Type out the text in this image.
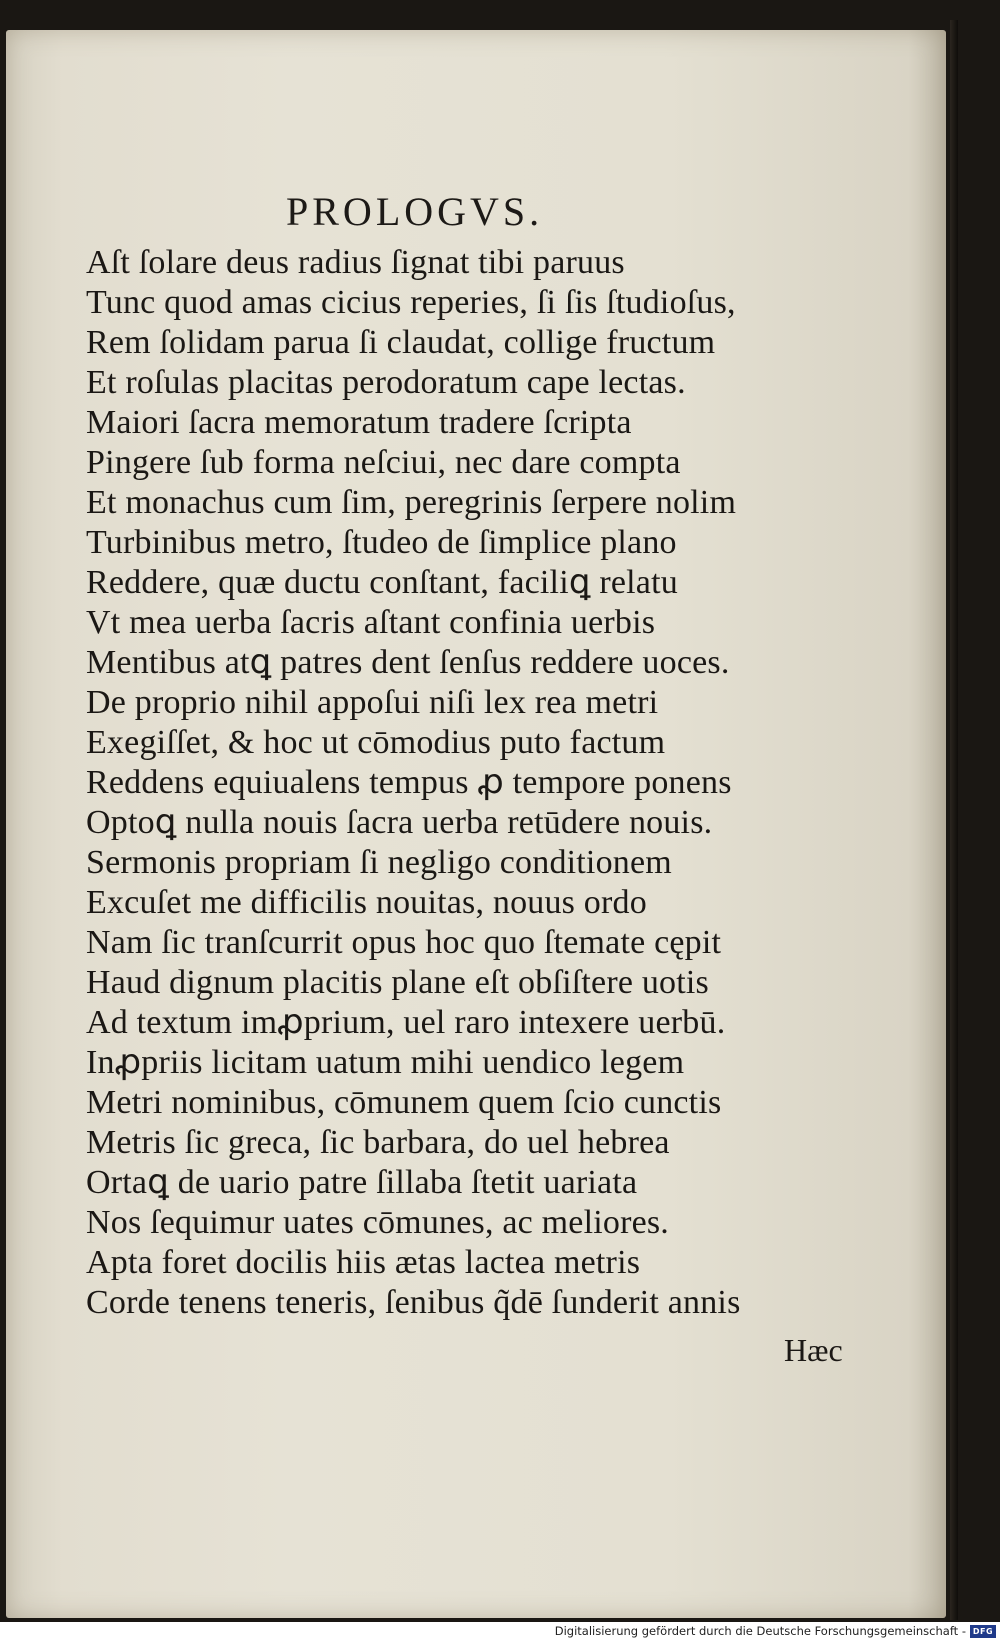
PROLOGVS.
Aſt ſolare deus radius ſignat tibi paruus
Tunc quod amas cicius reperies, ſi ſis ſtudioſus,
Rem ſolidam parua ſi claudat, collige fructum
Et roſulas placitas perodoratum cape lectas.
Maiori ſacra memoratum tradere ſcripta
Pingere ſub forma neſciui, nec dare compta
Et monachus cum ſim, peregrinis ſerpere nolim
Turbinibus metro, ſtudeo de ſimplice plano
Reddere, quæ ductu conſtant, faciliꝗ relatu
Vt mea uerba ſacris aſtant confinia uerbis
Mentibus atꝗ patres dent ſenſus reddere uoces.
De proprio nihil appoſui niſi lex rea metri
Exegiſſet, & hoc ut cōmodius puto factum
Reddens equiualens tempus ꝓ tempore ponens
Optoꝗ nulla nouis ſacra uerba retūdere nouis.
Sermonis propriam ſi negligo conditionem
Excuſet me difficilis nouitas, nouus ordo
Nam ſic tranſcurrit opus hoc quo ſtemate cępit
Haud dignum placitis plane eſt obſiſtere uotis
Ad textum imꝓprium, uel raro intexere uerbū.
Inꝓpriis licitam uatum mihi uendico legem
Metri nominibus, cōmunem quem ſcio cunctis
Metris ſic greca, ſic barbara, do uel hebrea
Ortaꝗ de uario patre ſillaba ſtetit uariata
Nos ſequimur uates cōmunes, ac meliores.
Apta foret docilis hiis ætas lactea metris
Corde tenens teneris, ſenibus q̃dē ſunderit annis
Hæc
Digitalisierung gefördert durch die Deutsche Forschungsgemeinschaft - DFG
